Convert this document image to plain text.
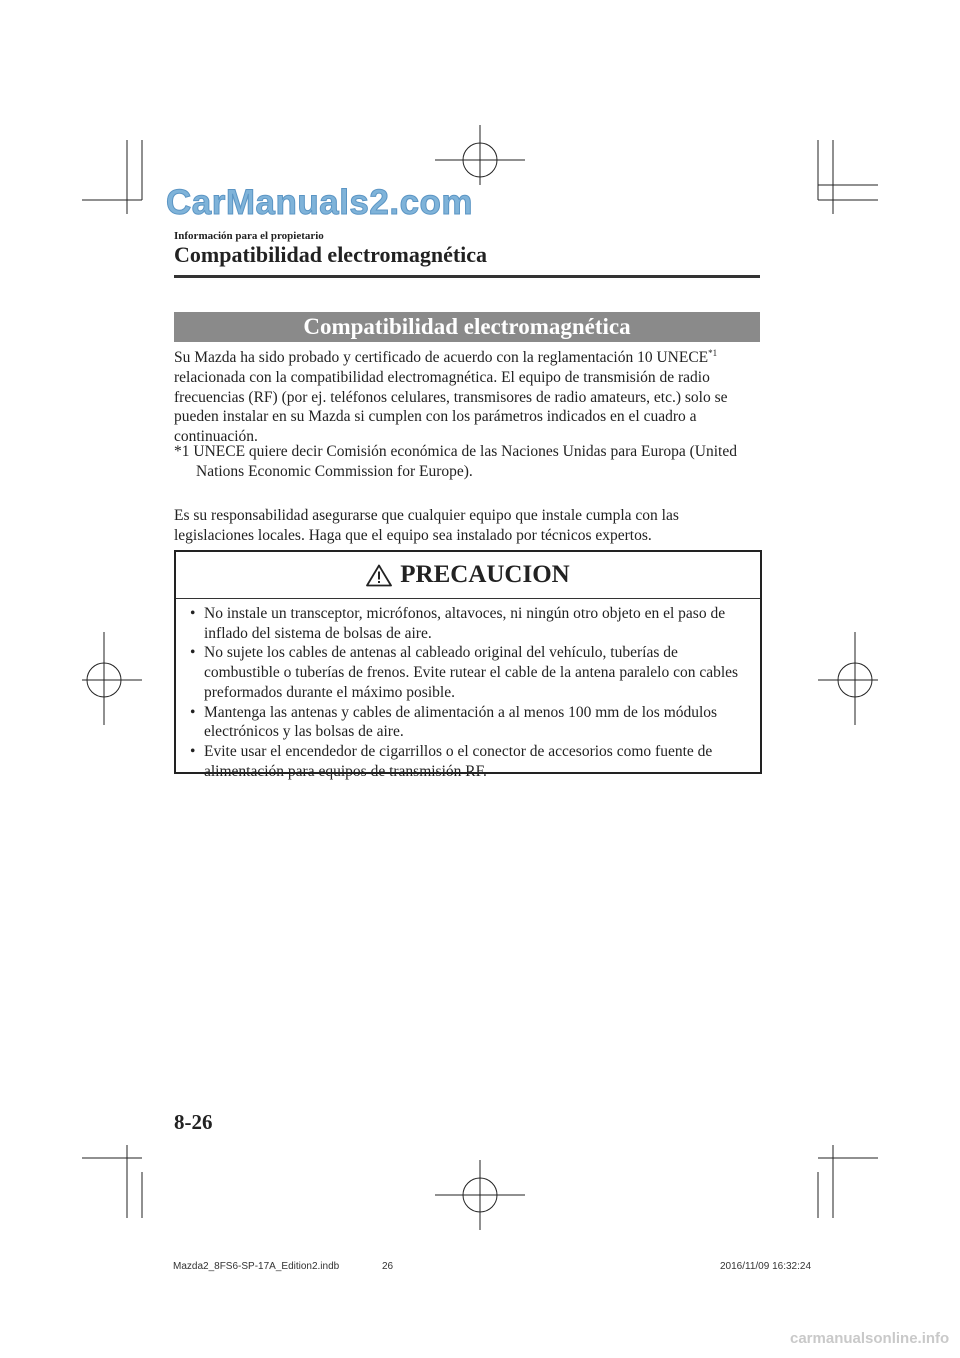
CarManuals2.com
Información para el propietario
Compatibilidad electromagnética
Compatibilidad electromagnética
Su Mazda ha sido probado y certificado de acuerdo con la reglamentación 10 UNECE$^{*1}$ relacionada con la compatibilidad electromagnética. El equipo de transmisión de radio frecuencias (RF) (por ej. teléfonos celulares, transmisores de radio amateurs, etc.) solo se pueden instalar en su Mazda si cumplen con los parámetros indicados en el cuadro a continuación.
*1 UNECE quiere decir Comisión económica de las Naciones Unidas para Europa (United Nations Economic Commission for Europe).
Es su responsabilidad asegurarse que cualquier equipo que instale cumpla con las legislaciones locales. Haga que el equipo sea instalado por técnicos expertos.
PRECAUCION
• No instale un transceptor, micrófonos, altavoces, ni ningún otro objeto en el paso de inflado del sistema de bolsas de aire.
• No sujete los cables de antenas al cableado original del vehículo, tuberías de combustible o tuberías de frenos. Evite rutear el cable de la antena paralelo con cables preformados durante el máximo posible.
• Mantenga las antenas y cables de alimentación a al menos 100 mm de los módulos electrónicos y las bolsas de aire.
• Evite usar el encendedor de cigarrillos o el conector de accesorios como fuente de alimentación para equipos de transmisión RF.
8-26
Mazda2_8FS6-SP-17A_Edition2.indb	26	2016/11/09 16:32:24
carmanualsonline.info
